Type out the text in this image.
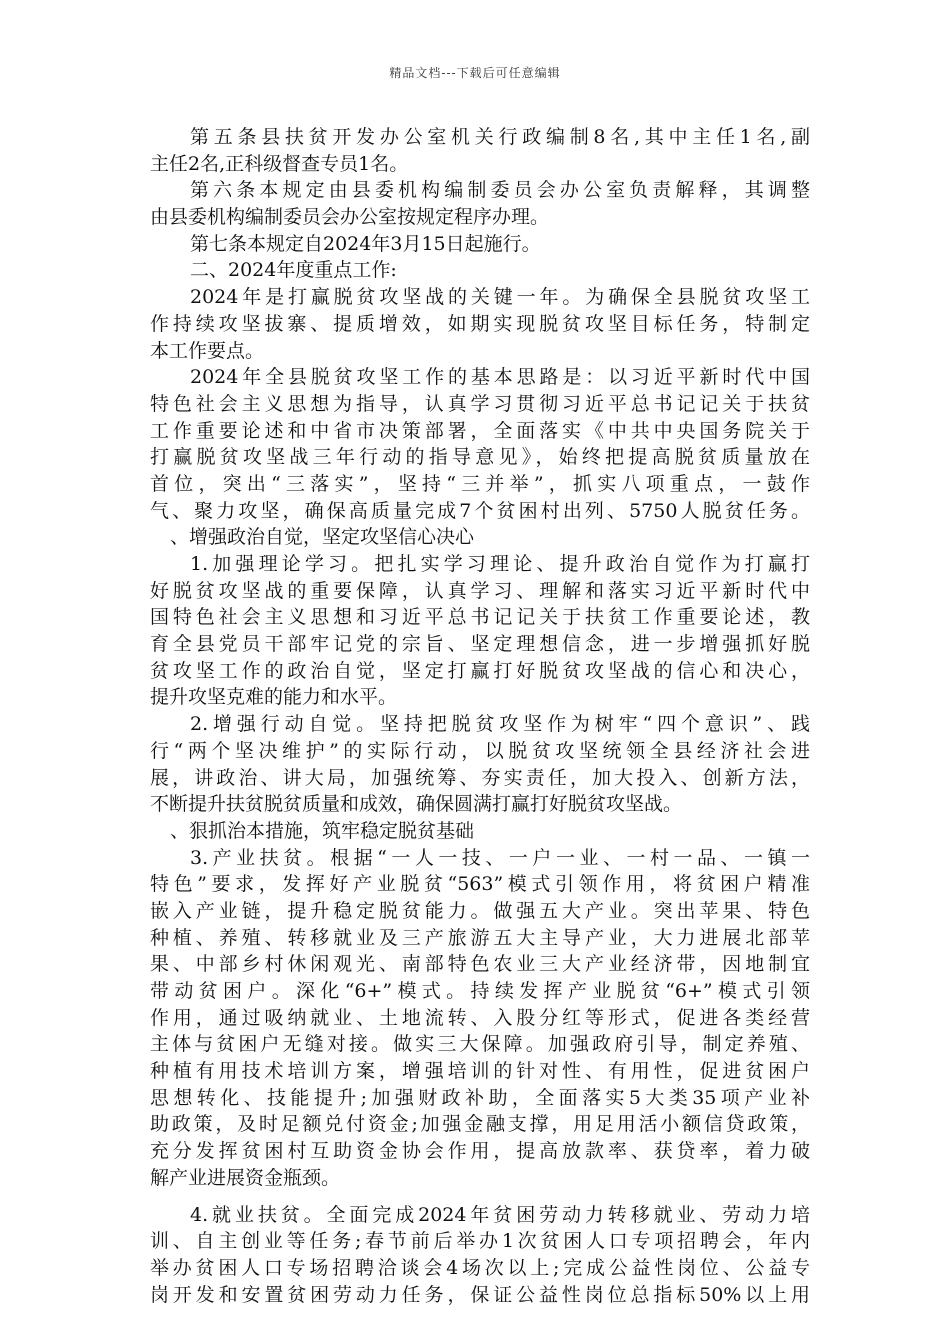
精品文档---下载后可任意编辑
第五条县扶贫开发办公室机关行政编制8名,其中主任1名,副
主任2名,正科级督查专员1名。
第六条本规定由县委机构编制委员会办公室负责解释，其调整
由县委机构编制委员会办公室按规定程序办理。
第七条本规定自2024年3月15日起施行。
二、2024年度重点工作:
2024年是打赢脱贫攻坚战的关键一年。为确保全县脱贫攻坚工
作持续攻坚拔寨、提质增效，如期实现脱贫攻坚目标任务，特制定
本工作要点。
2024年全县脱贫攻坚工作的基本思路是：以习近平新时代中国
特色社会主义思想为指导，认真学习贯彻习近平总书记记关于扶贫
工作重要论述和中省市决策部署，全面落实《中共中央国务院关于
打赢脱贫攻坚战三年行动的指导意见》，始终把提高脱贫质量放在
首位，突出“三落实”，坚持“三并举”，抓实八项重点，一鼓作
气、聚力攻坚，确保高质量完成7个贫困村出列、5750人脱贫任务。
、增强政治自觉，坚定攻坚信心决心
1.加强理论学习。把扎实学习理论、提升政治自觉作为打赢打
好脱贫攻坚战的重要保障，认真学习、理解和落实习近平新时代中
国特色社会主义思想和习近平总书记记关于扶贫工作重要论述，教
育全县党员干部牢记党的宗旨、坚定理想信念，进一步增强抓好脱
贫攻坚工作的政治自觉，坚定打赢打好脱贫攻坚战的信心和决心，
提升攻坚克难的能力和水平。
2.增强行动自觉。坚持把脱贫攻坚作为树牢“四个意识”、践
行“两个坚决维护”的实际行动，以脱贫攻坚统领全县经济社会进
展，讲政治、讲大局，加强统筹、夯实责任，加大投入、创新方法，
不断提升扶贫脱贫质量和成效，确保圆满打赢打好脱贫攻坚战。
、狠抓治本措施，筑牢稳定脱贫基础
3.产业扶贫。根据“一人一技、一户一业、一村一品、一镇一
特色”要求，发挥好产业脱贫“563”模式引领作用，将贫困户精准
嵌入产业链，提升稳定脱贫能力。做强五大产业。突出苹果、特色
种植、养殖、转移就业及三产旅游五大主导产业，大力进展北部苹
果、中部乡村休闲观光、南部特色农业三大产业经济带，因地制宜
带动贫困户。深化“6+”模式。持续发挥产业脱贫“6+”模式引领
作用，通过吸纳就业、土地流转、入股分红等形式，促进各类经营
主体与贫困户无缝对接。做实三大保障。加强政府引导，制定养殖、
种植有用技术培训方案，增强培训的针对性、有用性，促进贫困户
思想转化、技能提升;加强财政补助，全面落实5大类35项产业补
助政策，及时足额兑付资金;加强金融支撑，用足用活小额信贷政策，
充分发挥贫困村互助资金协会作用，提高放款率、获贷率，着力破
解产业进展资金瓶颈。
4.就业扶贫。全面完成2024年贫困劳动力转移就业、劳动力培
训、自主创业等任务;春节前后举办1次贫困人口专项招聘会，年内
举办贫困人口专场招聘洽谈会4场次以上;完成公益性岗位、公益专
岗开发和安置贫困劳动力任务，保证公益性岗位总指标50%以上用
